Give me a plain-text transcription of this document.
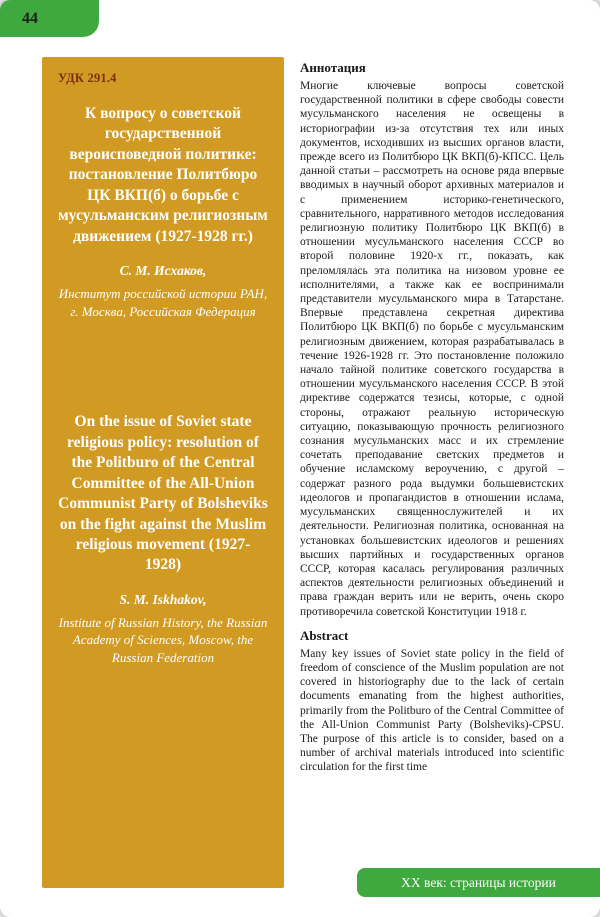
44
УДК 291.4
К вопросу о советской государственной вероисповедной политике: постановление Политбюро ЦК ВКП(б) о борьбе с мусульманским религиозным движением (1927-1928 гг.)
С. М. Исхаков,
Институт российской истории РАН, г. Москва, Российская Федерация
On the issue of Soviet state religious policy: resolution of the Politburo of the Central Committee of the All-Union Communist Party of Bolsheviks on the fight against the Muslim religious movement (1927-1928)
S. M. Iskhakov,
Institute of Russian History, the Russian Academy of Sciences, Moscow, the Russian Federation
Аннотация

Многие ключевые вопросы советской государственной политики в сфере свободы совести мусульманского населения не освещены в историографии из-за отсутствия тех или иных документов, исходивших из высших органов власти, прежде всего из Политбюро ЦК ВКП(б)-КПСС. Цель данной статьи – рассмотреть на основе ряда впервые вводимых в научный оборот архивных материалов и с применением историко-генетического, сравнительного, нарративного методов исследования религиозную политику Политбюро ЦК ВКП(б) в отношении мусульманского населения СССР во второй половине 1920-х гг., показать, как преломлялась эта политика на низовом уровне ее исполнителями, а также как ее воспринимали представители мусульманского мира в Татарстане. Впервые представлена секретная директива Политбюро ЦК ВКП(б) по борьбе с мусульманским религиозным движением, которая разрабатывалась в течение 1926-1928 гг. Это постановление положило начало тайной политике советского государства в отношении мусульманского населения СССР. В этой директиве содержатся тезисы, которые, с одной стороны, отражают реальную историческую ситуацию, показывающую прочность религиозного сознания мусульманских масс и их стремление сочетать преподавание светских предметов и обучение исламскому вероучению, с другой – содержат разного рода выдумки большевистских идеологов и пропагандистов в отношении ислама, мусульманских священнослужителей и их деятельности. Религиозная политика, основанная на установках большевистских идеологов и решениях высших партийных и государственных органов СССР, которая касалась регулирования различных аспектов деятельности религиозных объединений и права граждан верить или не верить, очень скоро противоречила советской Конституции 1918 г.

Abstract

Many key issues of Soviet state policy in the field of freedom of conscience of the Muslim population are not covered in historiography due to the lack of certain documents emanating from the highest authorities, primarily from the Politburo of the Central Committee of the All-Union Communist Party (Bolsheviks)-CPSU. The purpose of this article is to consider, based on a number of archival materials introduced into scientific circulation for the first time

XX век: страницы истории
